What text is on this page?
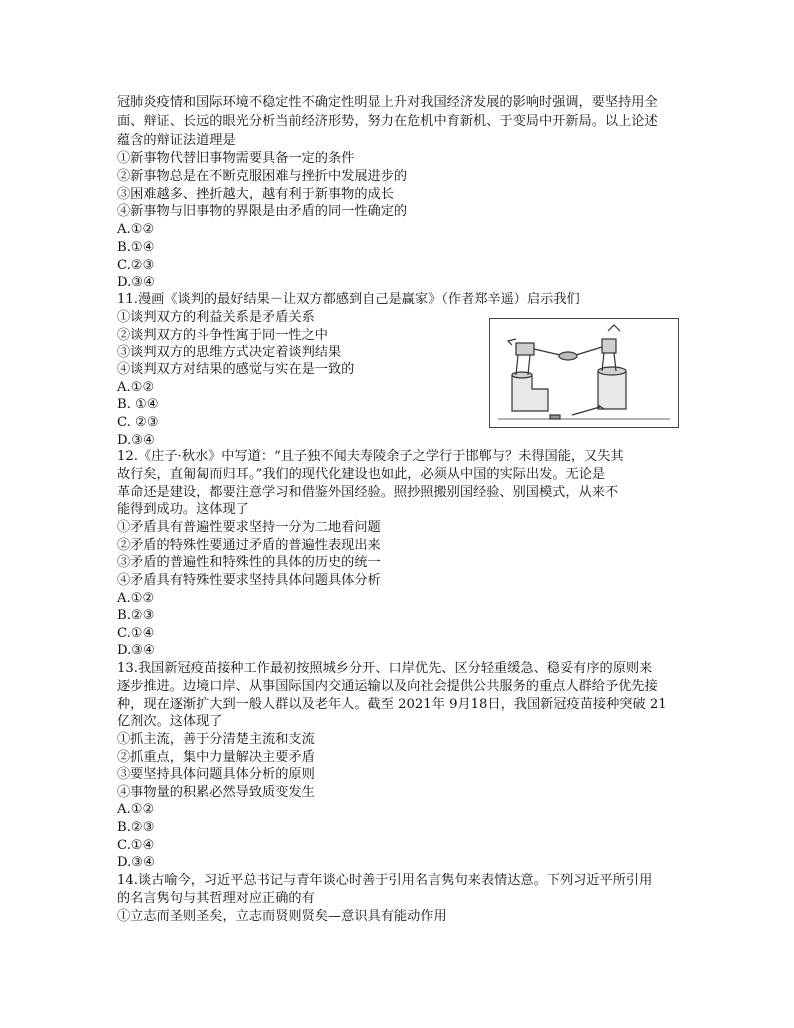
冠肺炎疫情和国际环境不稳定性不确定性明显上升对我国经济发展的影响时强调，要坚持用全
面、辩证、长远的眼光分析当前经济形势，努力在危机中育新机、于变局中开新局。以上论述
蕴含的辩证法道理是
①新事物代替旧事物需要具备一定的条件
②新事物总是在不断克服困难与挫折中发展进步的
③困难越多、挫折越大，越有利于新事物的成长
④新事物与旧事物的界限是由矛盾的同一性确定的
A.①②
B.①④
C.②③
D.③④
11.漫画《谈判的最好结果－让双方都感到自己是赢家》（作者郑辛遥）启示我们
①谈判双方的利益关系是矛盾关系
②谈判双方的斗争性寓于同一性之中
③谈判双方的思维方式决定着谈判结果
④谈判双方对结果的感觉与实在是一致的
A.①②
B. ①④
C. ②③
D.③④
12.《庄子·秋水》中写道：“且子独不闻夫寿陵余子之学行于邯郸与？未得国能，又失其
故行矣，直匍匐而归耳。”我们的现代化建设也如此，必须从中国的实际出发。无论是
革命还是建设，都要注意学习和借鉴外国经验。照抄照搬别国经验、别国模式，从来不
能得到成功。这体现了
①矛盾具有普遍性要求坚持一分为二地看问题
②矛盾的特殊性要通过矛盾的普遍性表现出来
③矛盾的普遍性和特殊性的具体的历史的统一
④矛盾具有特殊性要求坚持具体问题具体分析
A.①②
B.②③
C.①④
D.③④
13.我国新冠疫苗接种工作最初按照城乡分开、口岸优先、区分轻重缓急、稳妥有序的原则来
逐步推进。边境口岸、从事国际国内交通运输以及向社会提供公共服务的重点人群给予优先接
种，现在逐渐扩大到一般人群以及老年人。截至 2021年 9月18日，我国新冠疫苗接种突破 21
亿剂次。这体现了
①抓主流，善于分清楚主流和支流
②抓重点，集中力量解决主要矛盾
③要坚持具体问题具体分析的原则
④事物量的积累必然导致质变发生
A.①②
B.②③
C.①④
D.③④
14.谈古喻今，习近平总书记与青年谈心时善于引用名言隽句来表情达意。下列习近平所引用
的名言隽句与其哲理对应正确的有
①立志而圣则圣矣，立志而贤则贤矣—意识具有能动作用
